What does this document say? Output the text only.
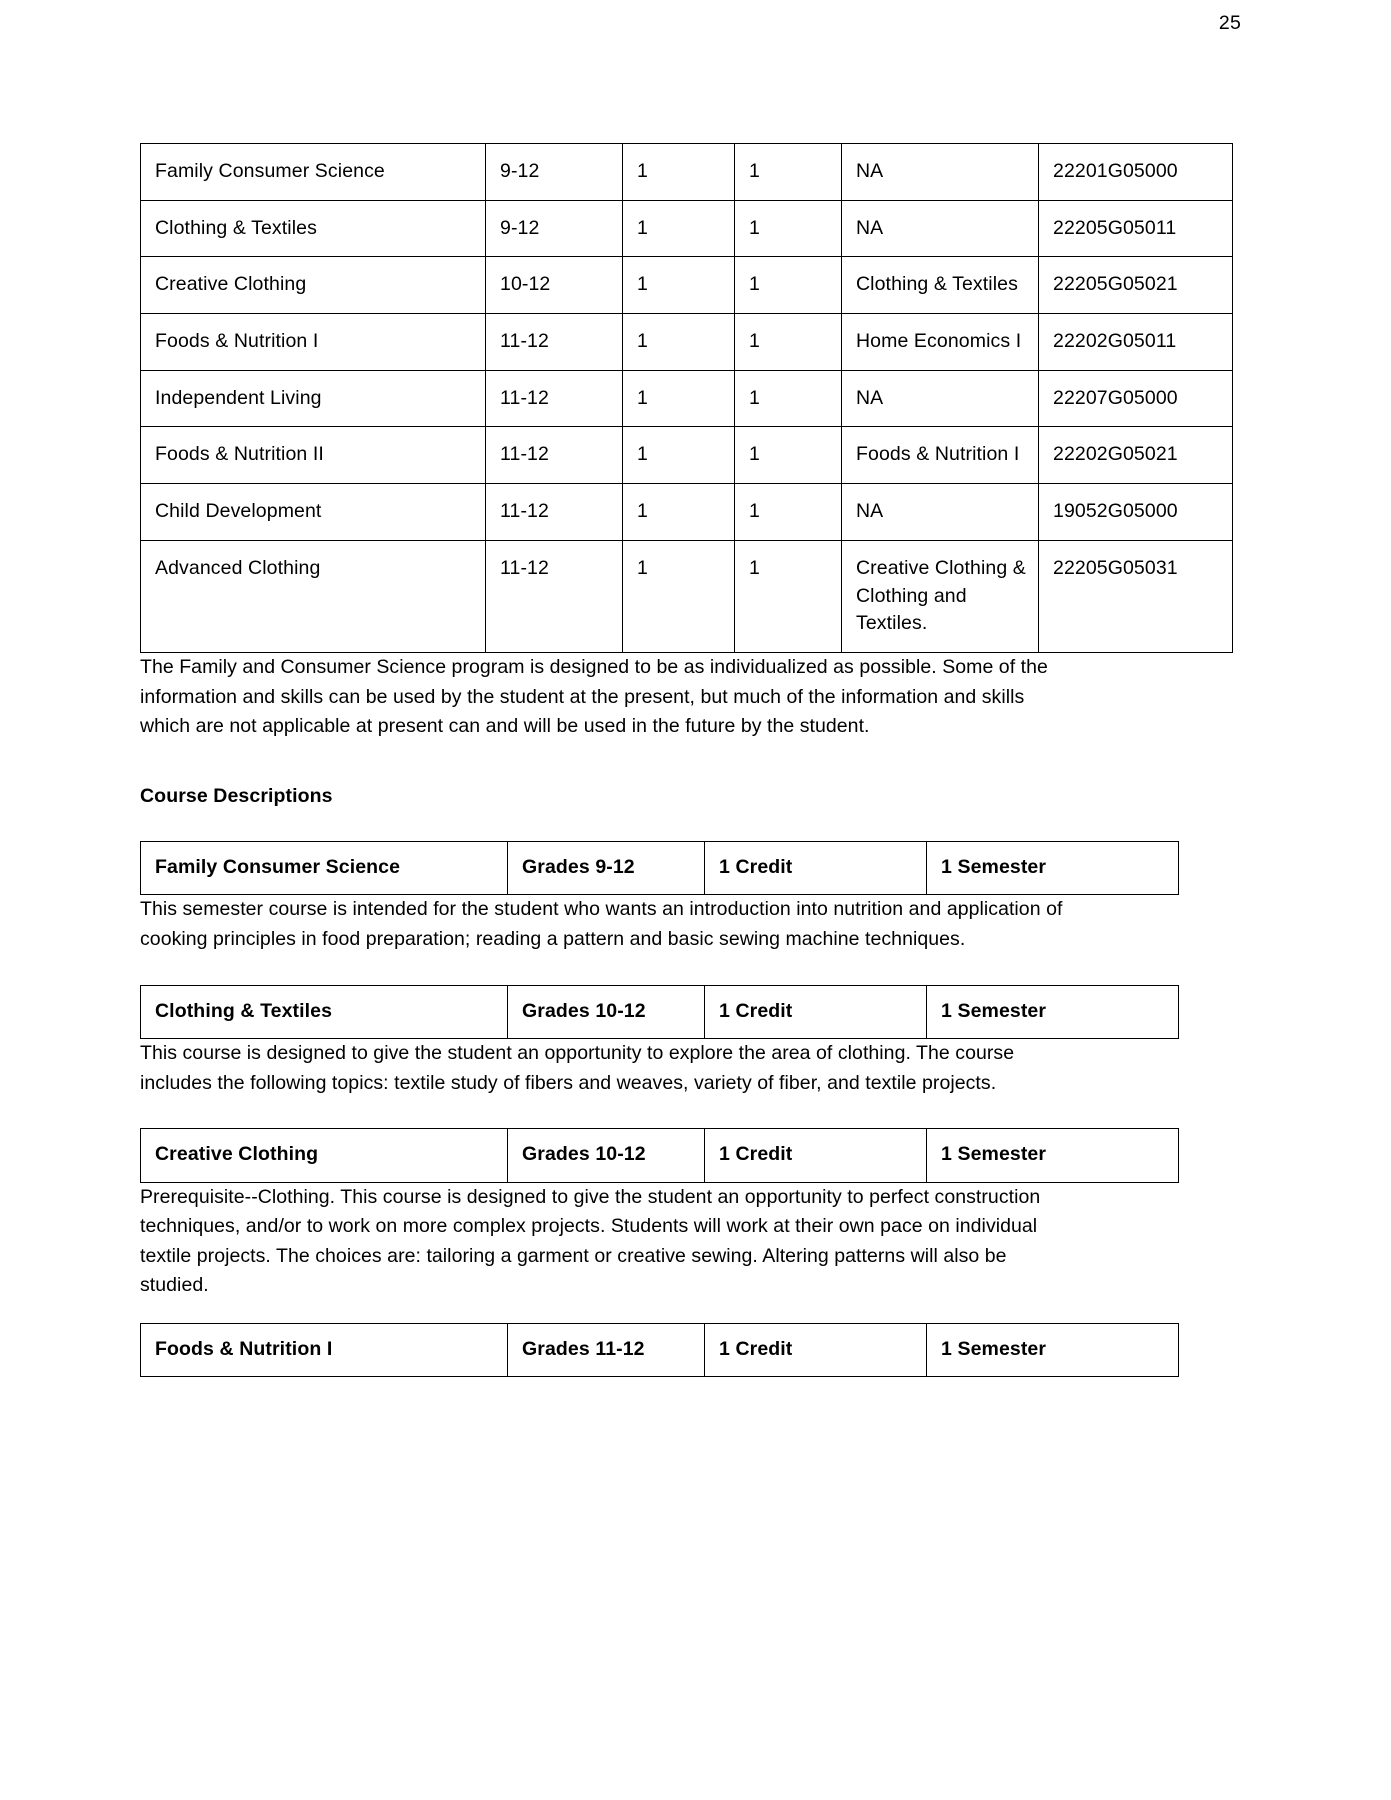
25
Family Consumer Science	9-12	1	1	NA	22201G05000
Clothing & Textiles	9-12	1	1	NA	22205G05011
Creative Clothing	10-12	1	1	Clothing & Textiles	22205G05021
Foods & Nutrition I	11-12	1	1	Home Economics I	22202G05011
Independent Living	11-12	1	1	NA	22207G05000
Foods & Nutrition II	11-12	1	1	Foods & Nutrition I	22202G05021
Child Development	11-12	1	1	NA	19052G05000
Advanced Clothing	11-12	1	1	Creative Clothing & Clothing and Textiles.	22205G05031

The Family and Consumer Science program is designed to be as individualized as possible. Some of the information and skills can be used by the student at the present, but much of the information and skills which are not applicable at present can and will be used in the future by the student.

Course Descriptions
Family Consumer Science	Grades 9-12	1 Credit	1 Semester

This semester course is intended for the student who wants an introduction into nutrition and application of cooking principles in food preparation; reading a pattern and basic sewing machine techniques.

Clothing & Textiles	Grades 10-12	1 Credit	1 Semester

This course is designed to give the student an opportunity to explore the area of clothing. The course includes the following topics: textile study of fibers and weaves, variety of fiber, and textile projects.

Creative Clothing	Grades 10-12	1 Credit	1 Semester

Prerequisite--Clothing. This course is designed to give the student an opportunity to perfect construction techniques, and/or to work on more complex projects. Students will work at their own pace on individual textile projects. The choices are: tailoring a garment or creative sewing. Altering patterns will also be studied.

Foods & Nutrition I	Grades 11-12	1 Credit	1 Semester
